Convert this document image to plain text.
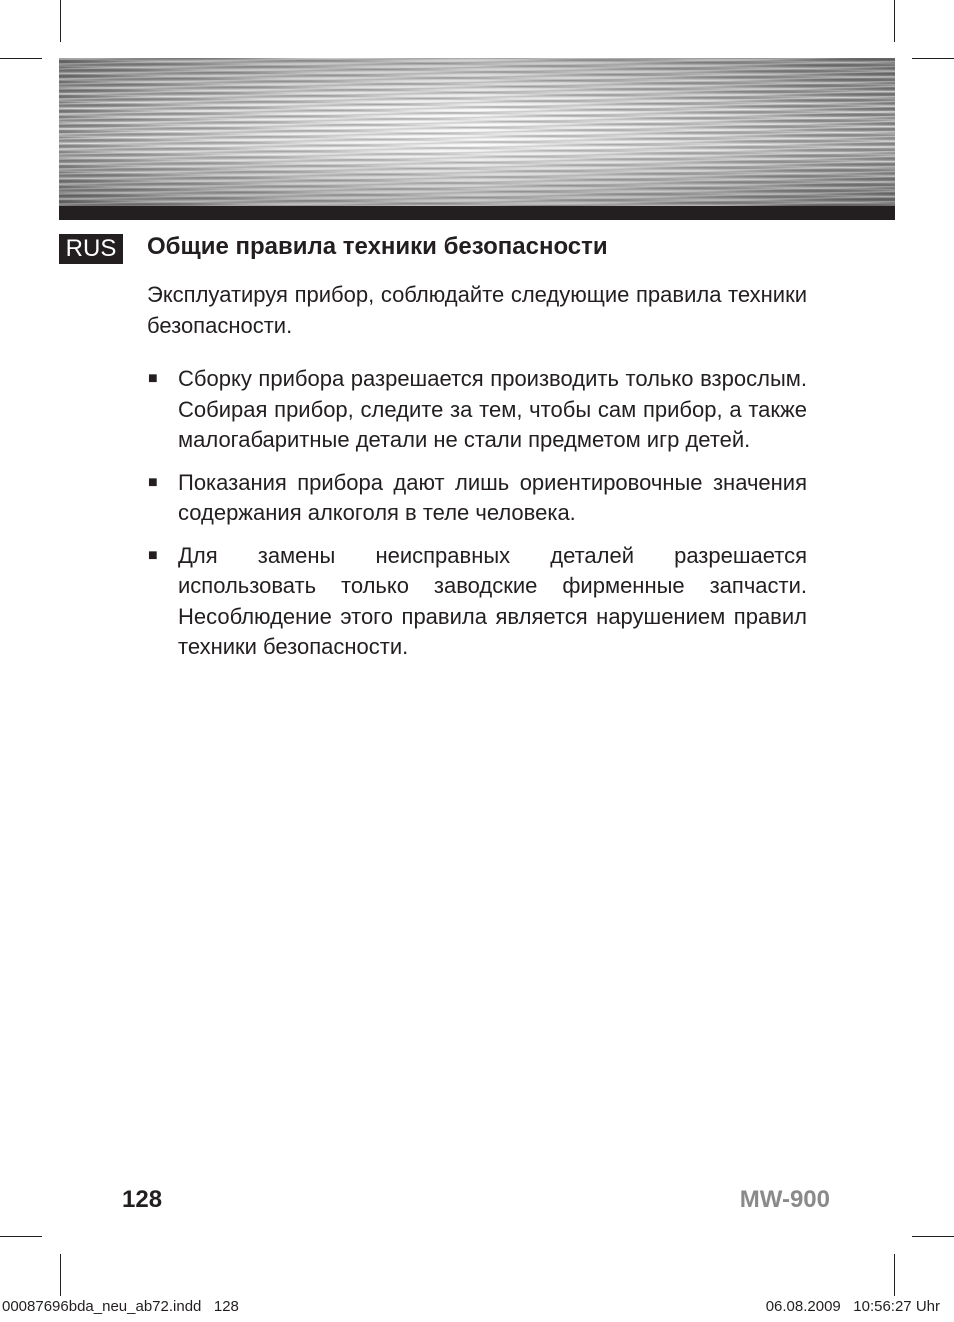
RUS Общие правила техники безопасности

Эксплуатируя прибор, соблюдайте следующие правила техники безопасности.

■ Сборку прибора разрешается производить только взрослым. Собирая прибор, следите за тем, чтобы сам прибор, а также малогабаритные детали не стали предметом игр детей.
■ Показания прибора дают лишь ориентировочные значения содержания алкоголя в теле человека.
■ Для замены неисправных деталей разрешается использовать только заводские фирменные запчасти. Несоблюдение этого правила является нарушением правил техники безопасности.
128	MW-900
00087696bda_neu_ab72.indd   128	06.08.2009   10:56:27 Uhr
